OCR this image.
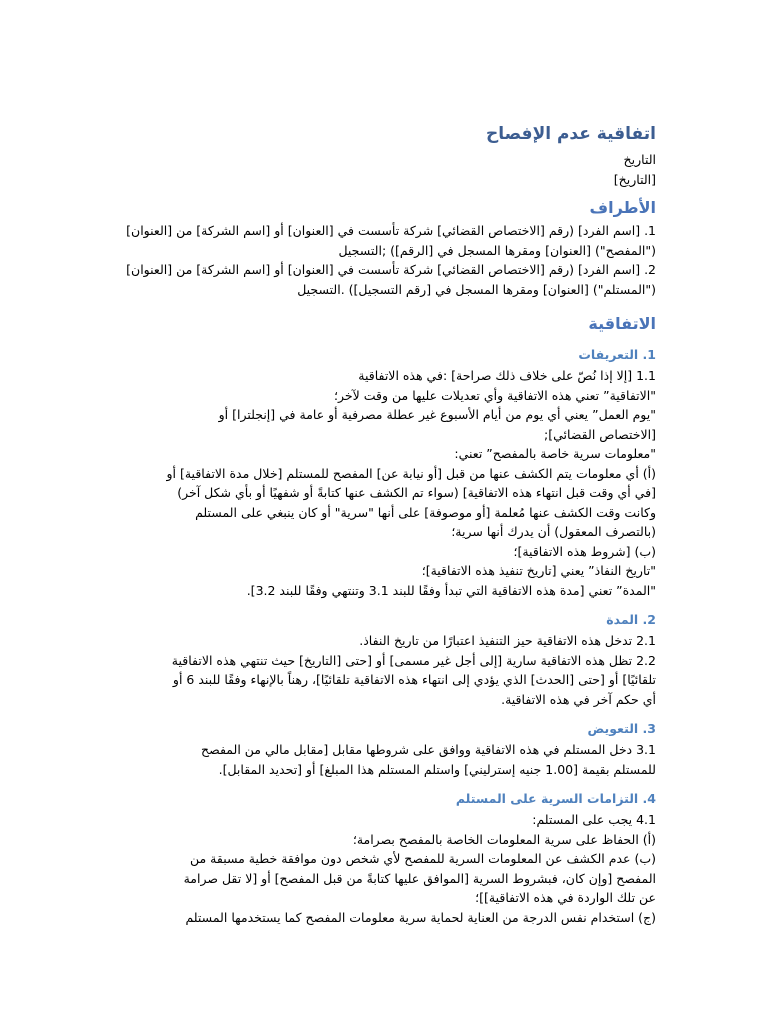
اتفاقية عدم الإفصاح

التاريخ

[التاريخ]

الأطراف

1. [اسم الفرد] (رقم [الاختصاص القضائي] شركة تأسست في [العنوان] أو [اسم الشركة] من [العنوان]

("المفصح") [العنوان] ومقرها المسجل في [الرقم]) ;التسجيل

2. [اسم الفرد] (رقم [الاختصاص القضائي] شركة تأسست في [العنوان] أو [اسم الشركة] من [العنوان]

("المستلم") [العنوان] ومقرها المسجل في [رقم التسجيل]) .التسجيل

الاتفاقية
1. التعريفات

1.1 [إلا إذا نُصّ على خلاف ذلك صراحة] :في هذه الاتفاقية

"الاتفاقية” تعني هذه الاتفاقية وأي تعديلات عليها من وقت لآخر؛

"يوم العمل” يعني أي يوم من أيام الأسبوع غير عطلة مصرفية أو عامة في [إنجلترا] أو

[الاختصاص القضائي];

"معلومات سرية خاصة بالمفصح” تعني:

(أ) أي معلومات يتم الكشف عنها من قبل [أو نيابة عن] المفصح للمستلم [خلال مدة الاتفاقية] أو

[في أي وقت قبل انتهاء هذه الاتفاقية] (سواء تم الكشف عنها كتابةً أو شفهيًا أو بأي شكل آخر)

وكانت وقت الكشف عنها مُعلمة [أو موصوفة] على أنها "سرية" أو كان ينبغي على المستلم

(بالتصرف المعقول) أن يدرك أنها سرية؛

(ب) [شروط هذه الاتفاقية]؛

"تاريخ النفاذ” يعني [تاريخ تنفيذ هذه الاتفاقية]؛

"المدة” تعني [مدة هذه الاتفاقية التي تبدأ وفقًا للبند 3.1 وتنتهي وفقًا للبند 3.2].

2. المدة

2.1 تدخل هذه الاتفاقية حيز التنفيذ اعتبارًا من تاريخ النفاذ.

2.2 تظل هذه الاتفاقية سارية [إلى أجل غير مسمى] أو [حتى [التاريخ] حيث تنتهي هذه الاتفاقية

تلقائيًا] أو [حتى [الحدث] الذي يؤدي إلى انتهاء هذه الاتفاقية تلقائيًا]، رهناً بالإنهاء وفقًا للبند 6 أو

أي حكم آخر في هذه الاتفاقية.

3. التعويض

3.1 دخل المستلم في هذه الاتفاقية ووافق على شروطها مقابل [مقابل مالي من المفصح

للمستلم بقيمة [1.00 جنيه إسترليني] واستلم المستلم هذا المبلغ] أو [تحديد المقابل].

4. التزامات السرية على المستلم

4.1 يجب على المستلم:

(أ) الحفاظ على سرية المعلومات الخاصة بالمفصح بصرامة؛

(ب) عدم الكشف عن المعلومات السرية للمفصح لأي شخص دون موافقة خطية مسبقة من

المفصح [وإن كان، فبشروط السرية [الموافق عليها كتابةً من قبل المفصح] أو [لا تقل صرامة

عن تلك الواردة في هذه الاتفاقية]]؛

(ج) استخدام نفس الدرجة من العناية لحماية سرية معلومات المفصح كما يستخدمها المستلم
